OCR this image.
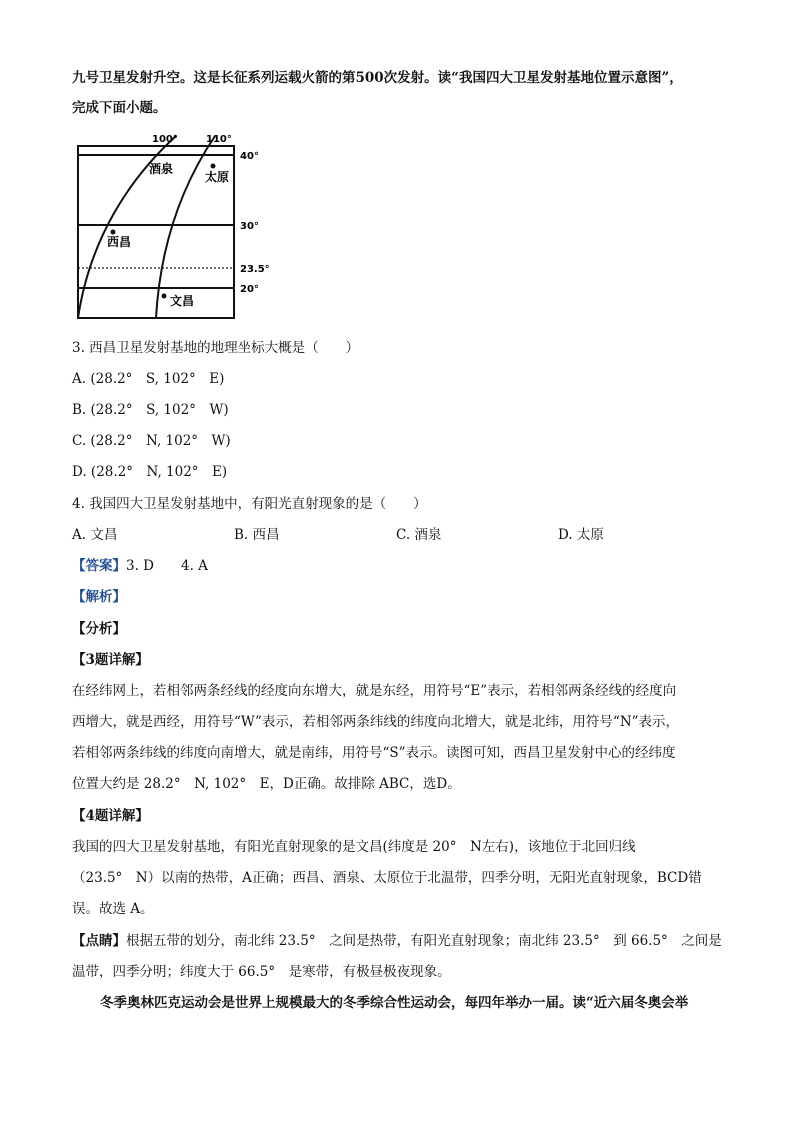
九号卫星发射升空。这是长征系列运载火箭的第500次发射。读“我国四大卫星发射基地位置示意图”，
完成下面小题。
100°	110°
40°
30°
23.5°
20°
酒泉
太原
西昌
文昌
3. 西昌卫星发射基地的地理坐标大概是（　　）
A. (28.2°　S, 102°　E)
B. (28.2°　S, 102°　W)
C. (28.2°　N, 102°　W)
D. (28.2°　N, 102°　E)
4. 我国四大卫星发射基地中，有阳光直射现象的是（　　）
A. 文昌	B. 西昌	C. 酒泉	D. 太原
【答案】3. D　　4. A
【解析】
【分析】
【3题详解】
在经纬网上，若相邻两条经线的经度向东增大，就是东经，用符号“E”表示，若相邻两条经线的经度向
西增大，就是西经，用符号“W”表示，若相邻两条纬线的纬度向北增大，就是北纬，用符号“N”表示，
若相邻两条纬线的纬度向南增大，就是南纬，用符号“S”表示。读图可知，西昌卫星发射中心的经纬度
位置大约是 28.2°　N, 102°　E，D正确。故排除 ABC，选D。
【4题详解】
我国的四大卫星发射基地，有阳光直射现象的是文昌(纬度是 20°　N左右)，该地位于北回归线
（23.5°　N）以南的热带，A正确；西昌、酒泉、太原位于北温带，四季分明，无阳光直射现象，BCD错
误。故选 A。
【点睛】根据五带的划分，南北纬 23.5°　之间是热带，有阳光直射现象；南北纬 23.5°　到 66.5°　之间是
温带，四季分明；纬度大于 66.5°　是寒带，有极昼极夜现象。
冬季奥林匹克运动会是世界上规模最大的冬季综合性运动会，每四年举办一届。读“近六届冬奥会举
